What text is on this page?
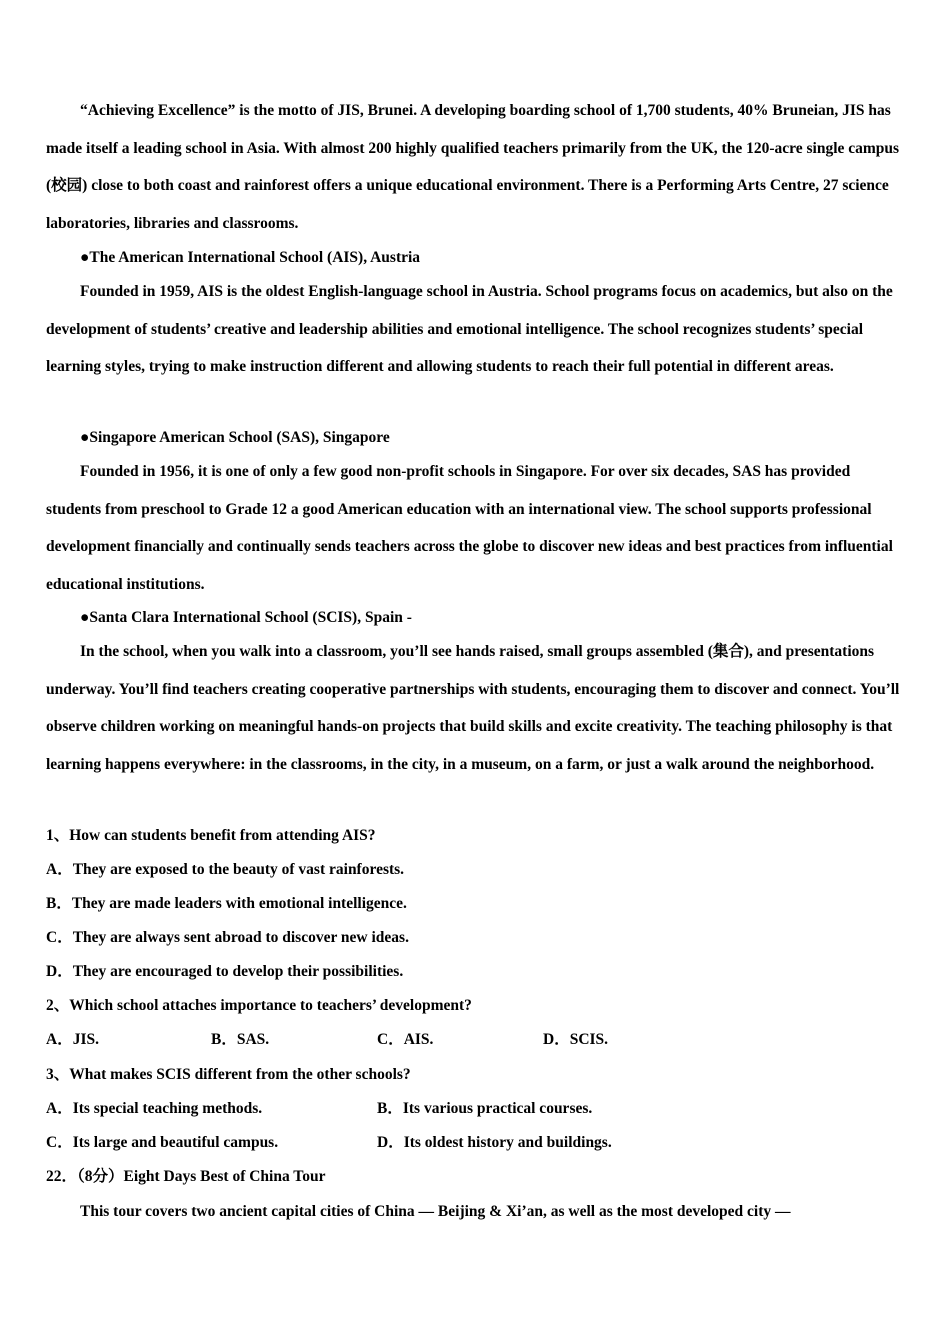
“Achieving Excellence” is the motto of JIS, Brunei. A developing boarding school of 1,700 students, 40% Bruneian, JIS has made itself a leading school in Asia. With almost 200 highly qualified teachers primarily from the UK, the 120-acre single campus (校园) close to both coast and rainforest offers a unique educational environment. There is a Performing Arts Centre, 27 science laboratories, libraries and classrooms.

●The American International School (AIS), Austria

Founded in 1959, AIS is the oldest English-language school in Austria. School programs focus on academics, but also on the development of students’ creative and leadership abilities and emotional intelligence. The school recognizes students’ special learning styles, trying to make instruction different and allowing students to reach their full potential in different areas.

●Singapore American School (SAS), Singapore

Founded in 1956, it is one of only a few good non-profit schools in Singapore. For over six decades, SAS has provided students from preschool to Grade 12 a good American education with an international view. The school supports professional development financially and continually sends teachers across the globe to discover new ideas and best practices from influential educational institutions.

●Santa Clara International School (SCIS), Spain -

In the school, when you walk into a classroom, you’ll see hands raised, small groups assembled (集合), and presentations underway. You’ll find teachers creating cooperative partnerships with students, encouraging them to discover and connect. You’ll observe children working on meaningful hands-on projects that build skills and excite creativity. The teaching philosophy is that learning happens everywhere: in the classrooms, in the city, in a museum, on a farm, or just a walk around the neighborhood.

1、How can students benefit from attending AIS?

A．They are exposed to the beauty of vast rainforests.

B．They are made leaders with emotional intelligence.

C．They are always sent abroad to discover new ideas.

D．They are encouraged to develop their possibilities.

2、Which school attaches importance to teachers’ development?

A．JIS.	B．SAS.	C．AIS.	D．SCIS.

3、What makes SCIS different from the other schools?

A．Its special teaching methods.	B．Its various practical courses.

C．Its large and beautiful campus.	D．Its oldest history and buildings.

22．（8分）Eight Days Best of China Tour

This tour covers two ancient capital cities of China — Beijing & Xi’an, as well as the most developed city —
